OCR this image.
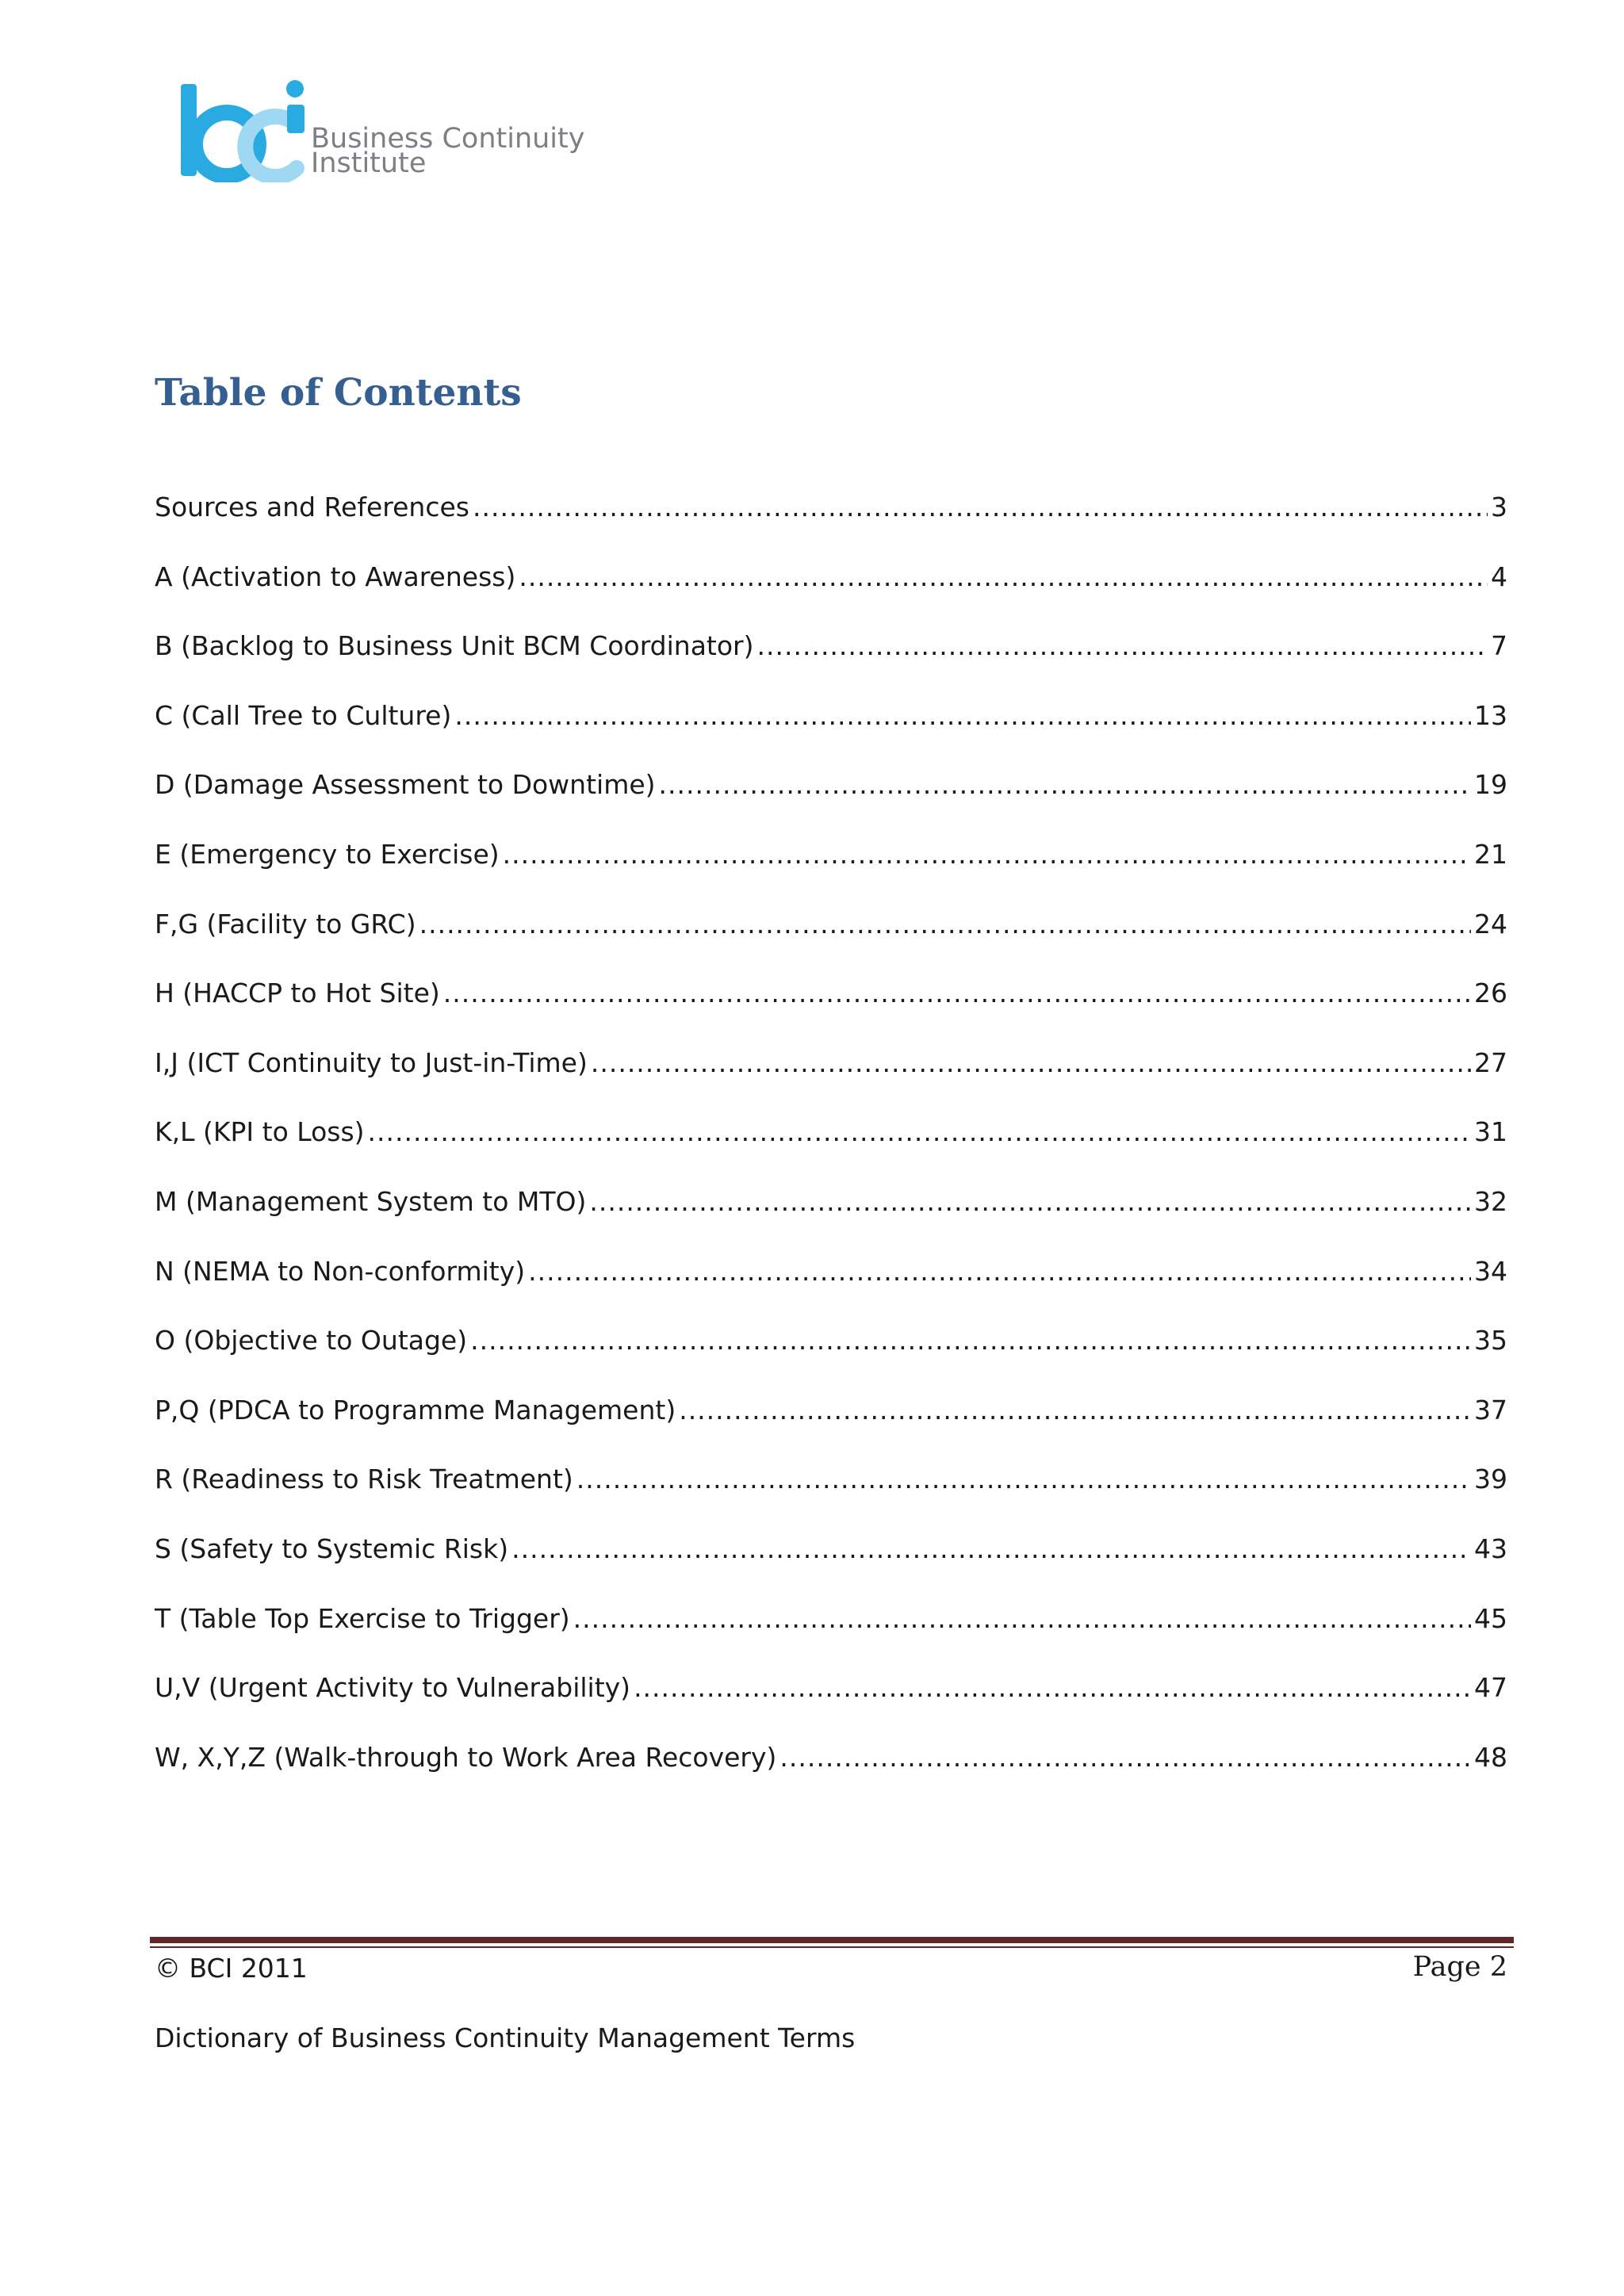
Business Continuity
Institute
Table of Contents
Sources and References .....	3
A (Activation to Awareness) .....	4
B (Backlog to Business Unit BCM Coordinator) .....	7
C (Call Tree to Culture) .....	13
D (Damage Assessment to Downtime) .....	19
E (Emergency to Exercise) .....	21
F,G (Facility to GRC) .....	24
H (HACCP to Hot Site) .....	26
I,J (ICT Continuity to Just-in-Time) .....	27
K,L (KPI to Loss) .....	31
M (Management System to MTO) .....	32
N (NEMA to Non-conformity) .....	34
O (Objective to Outage) .....	35
P,Q (PDCA to Programme Management) .....	37
R (Readiness to Risk Treatment) .....	39
S (Safety to Systemic Risk) .....	43
T (Table Top Exercise to Trigger) .....	45
U,V (Urgent Activity to Vulnerability) .....	47
W, X,Y,Z (Walk-through to Work Area Recovery) .....	48
© BCI 2011	Page 2
Dictionary of Business Continuity Management Terms
